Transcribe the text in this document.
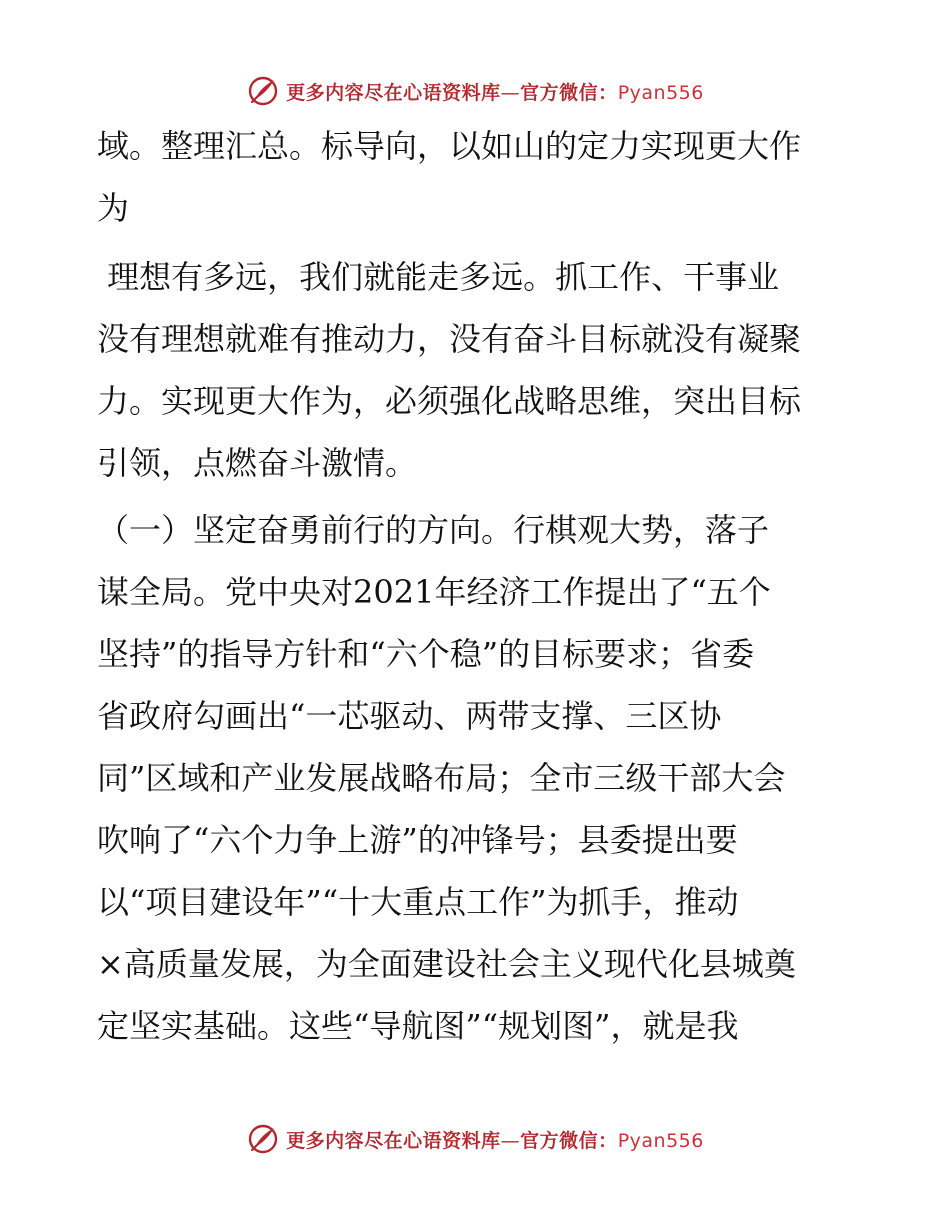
更多内容尽在心语资料库—官方微信：Pyan556
域。整理汇总。标导向，以如山的定力实现更大作
为
理想有多远，我们就能走多远。抓工作、干事业
没有理想就难有推动力，没有奋斗目标就没有凝聚
力。实现更大作为，必须强化战略思维，突出目标
引领，点燃奋斗激情。
（一）坚定奋勇前行的方向。行棋观大势，落子
谋全局。党中央对2021年经济工作提出了“五个
坚持”的指导方针和“六个稳”的目标要求；省委
省政府勾画出“一芯驱动、两带支撑、三区协
同”区域和产业发展战略布局；全市三级干部大会
吹响了“六个力争上游”的冲锋号；县委提出要
以“项目建设年”“十大重点工作”为抓手，推动
×高质量发展，为全面建设社会主义现代化县城奠
定坚实基础。这些“导航图”“规划图”，就是我
更多内容尽在心语资料库—官方微信：Pyan556
